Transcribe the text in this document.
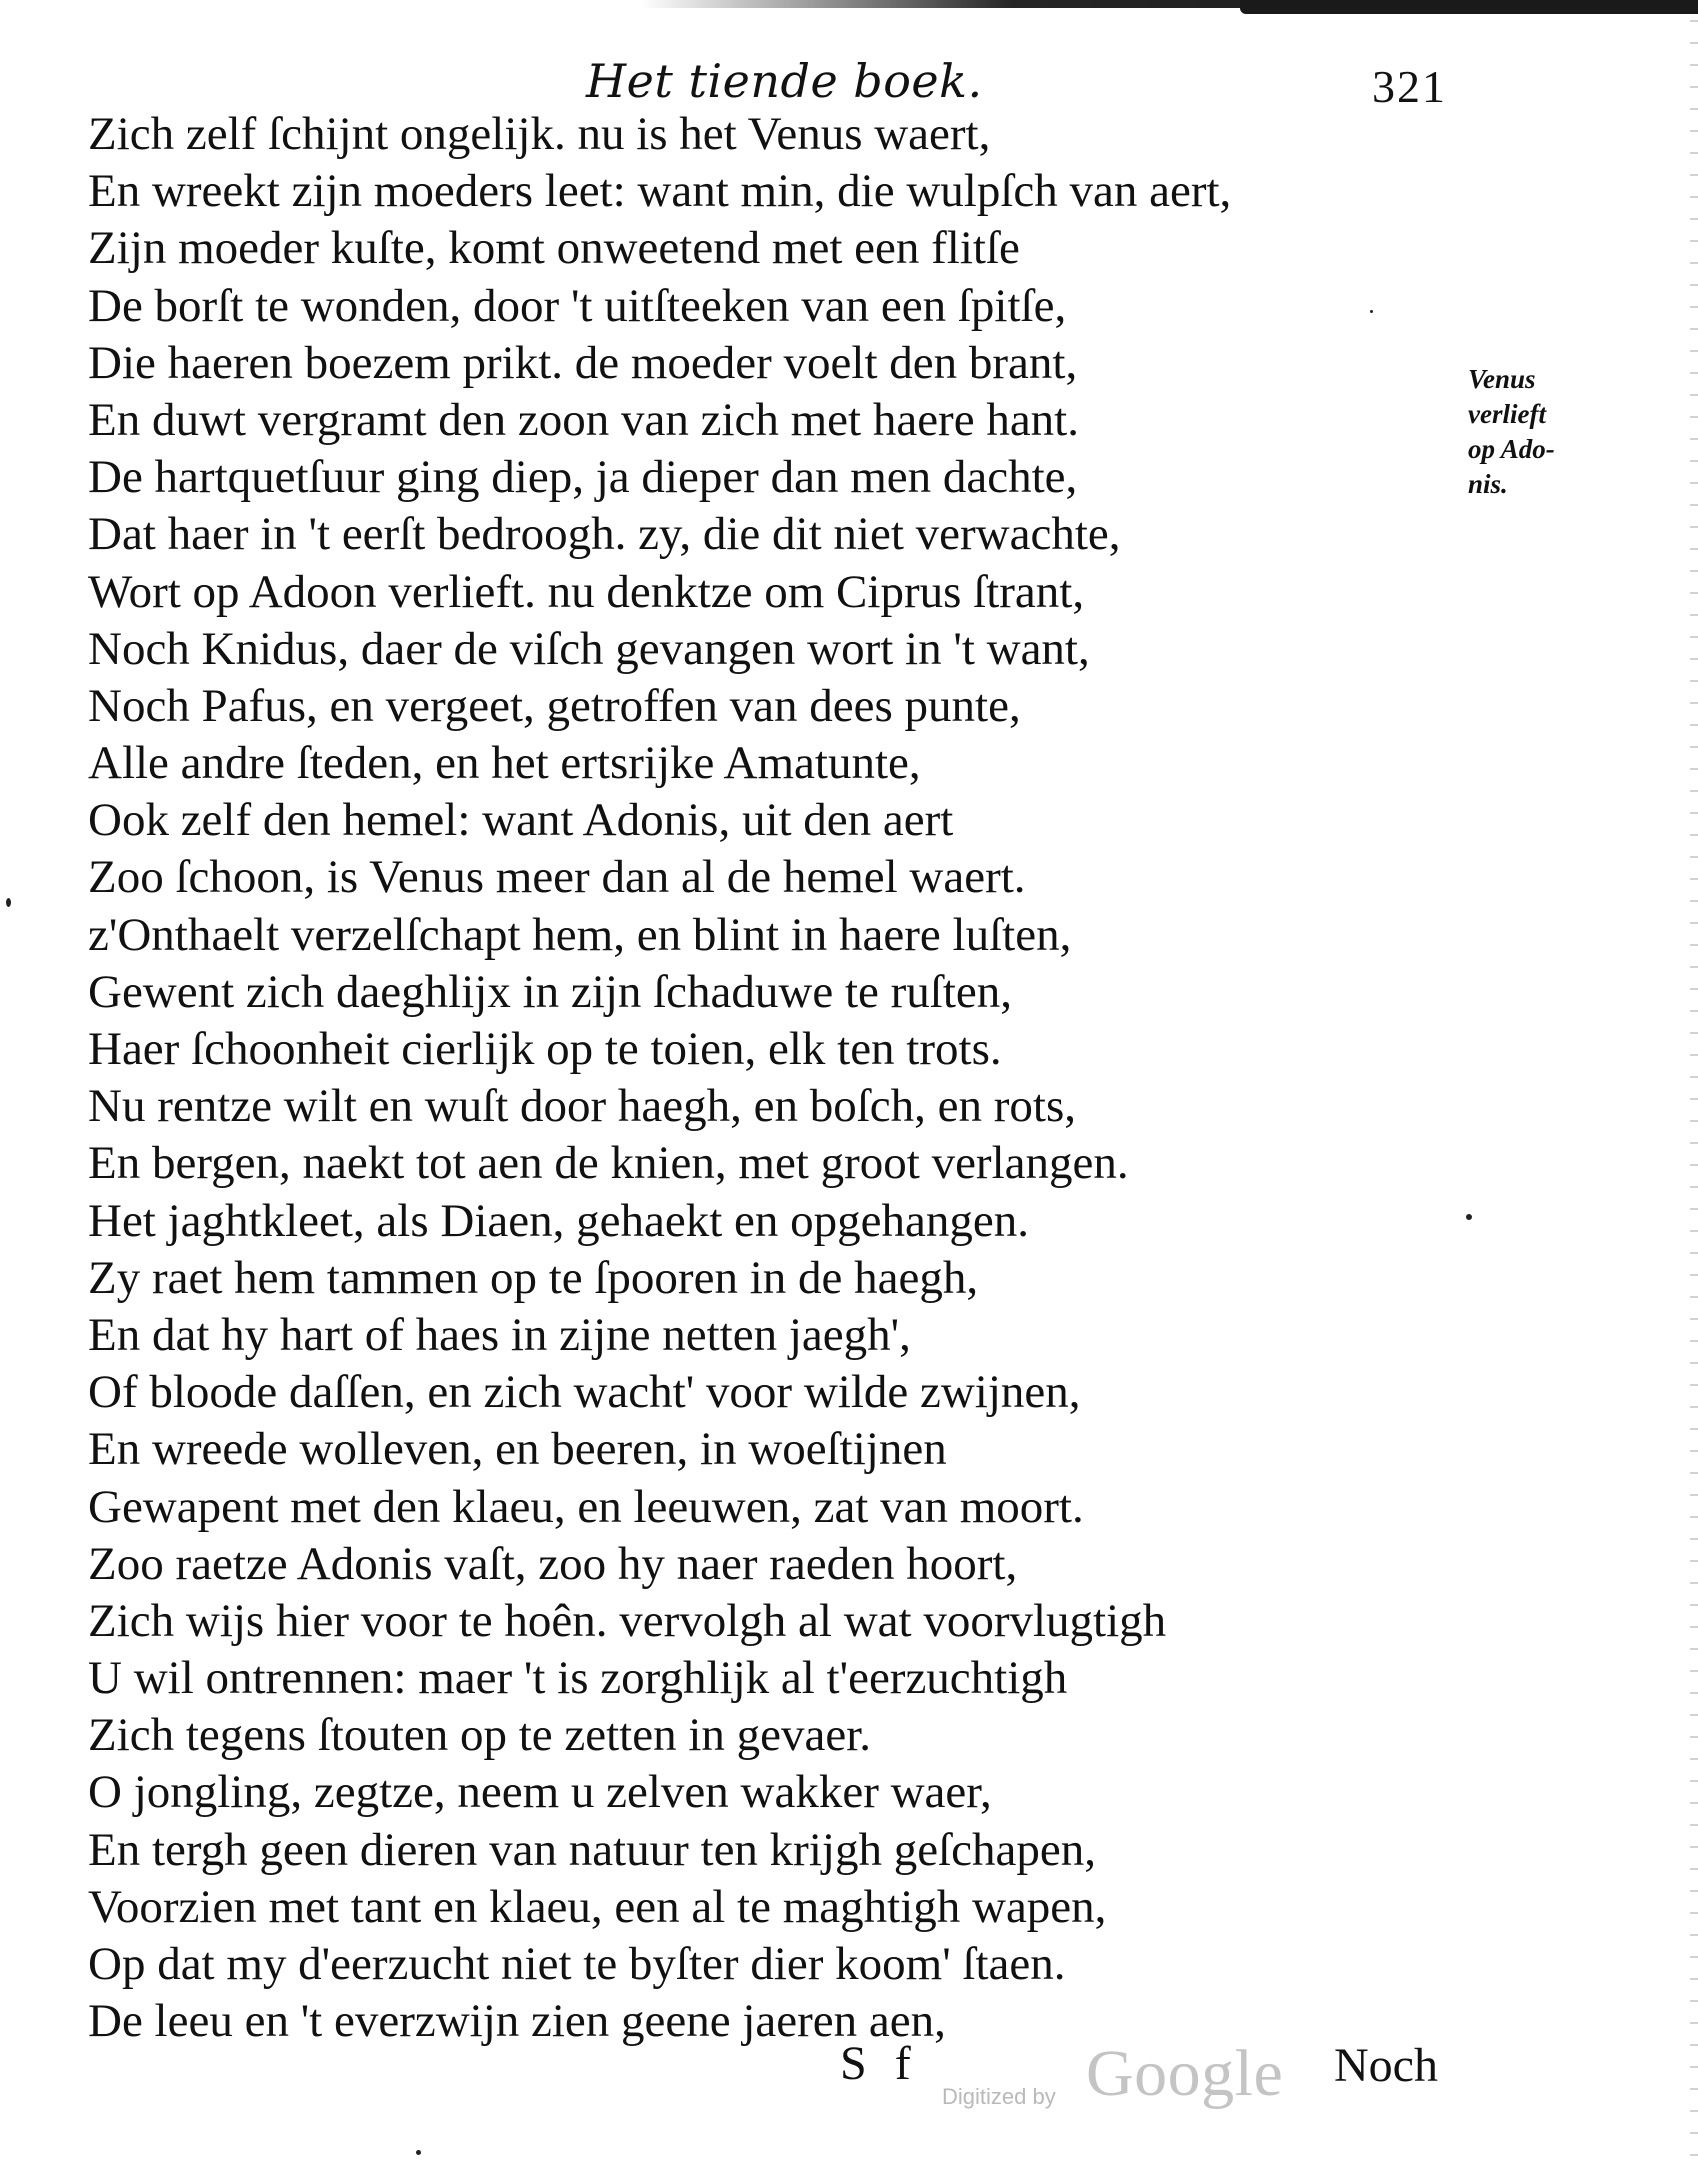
Het tiende boek.	321
Zich zelf ſchijnt ongelijk. nu is het Venus waert,
En wreekt zijn moeders leet: want min, die wulpſch van aert,
Zijn moeder kuſte, komt onweetend met een flitſe
De borſt te wonden, door 't uitſteeken van een ſpitſe,
Die haeren boezem prikt. de moeder voelt den brant,
En duwt vergramt den zoon van zich met haere hant.
De hartquetſuur ging diep, ja dieper dan men dachte,
Dat haer in 't eerſt bedroogh. zy, die dit niet verwachte,
Wort op Adoon verlieft. nu denktze om Ciprus ſtrant,
Noch Knidus, daer de viſch gevangen wort in 't want,
Noch Pafus, en vergeet, getroffen van dees punte,
Alle andre ſteden, en het ertsrijke Amatunte,
Ook zelf den hemel: want Adonis, uit den aert
Zoo ſchoon, is Venus meer dan al de hemel waert.
z'Onthaelt verzelſchapt hem, en blint in haere luſten,
Gewent zich daeghlijx in zijn ſchaduwe te ruſten,
Haer ſchoonheit cierlijk op te toien, elk ten trots.
Nu rentze wilt en wuſt door haegh, en boſch, en rots,
En bergen, naekt tot aen de knien, met groot verlangen.
Het jaghtkleet, als Diaen, gehaekt en opgehangen.
Zy raet hem tammen op te ſpooren in de haegh,
En dat hy hart of haes in zijne netten jaegh',
Of bloode daſſen, en zich wacht' voor wilde zwijnen,
En wreede wolleven, en beeren, in woeſtijnen
Gewapent met den klaeu, en leeuwen, zat van moort.
Zoo raetze Adonis vaſt, zoo hy naer raeden hoort,
Zich wijs hier voor te hoên. vervolgh al wat voorvlugtigh
U wil ontrennen: maer 't is zorghlijk al t'eerzuchtigh
Zich tegens ſtouten op te zetten in gevaer.
O jongling, zegtze, neem u zelven wakker waer,
En tergh geen dieren van natuur ten krijgh geſchapen,
Voorzien met tant en klaeu, een al te maghtigh wapen,
Op dat my d'eerzucht niet te byſter dier koom' ſtaen.
De leeu en 't everzwijn zien geene jaeren aen,
Venus
verlieft
op Ado-
nis.
S f
Digitized by Google Noch
